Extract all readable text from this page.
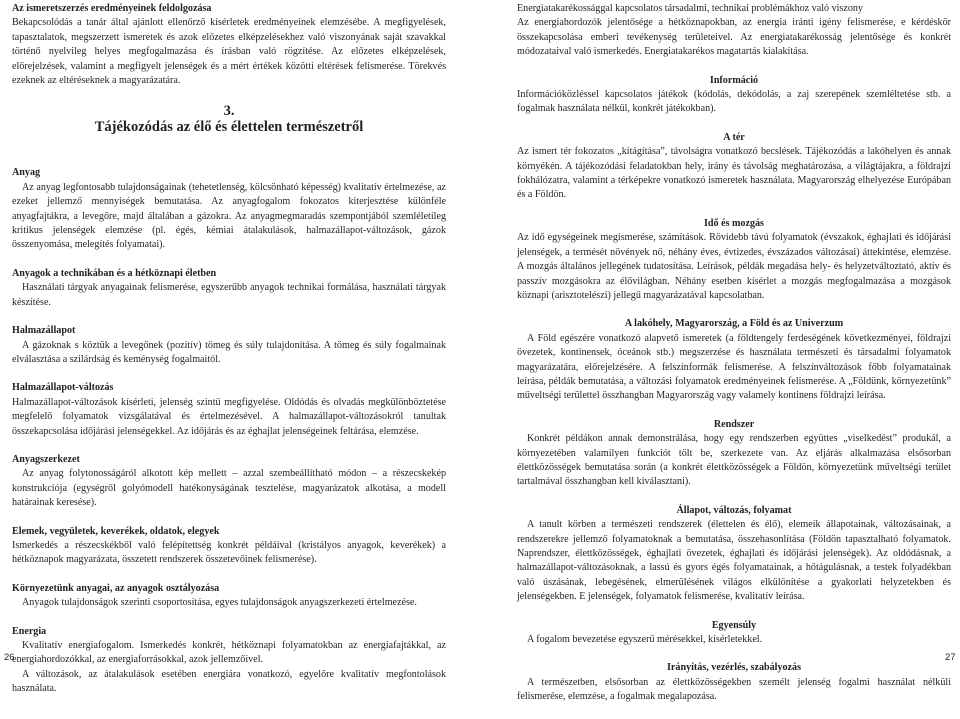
Az ismeretszerzés eredményeinek feldolgozása

Bekapcsolódás a tanár által ajánlott ellenőrző kísérletek eredményeinek elemzésébe. A megfigyelések, tapasztalatok, megszerzett ismeretek és azok előzetes elképzelésekhez való viszonyának saját szavakkal történő nyelvileg helyes megfogalmazása és írásban való rögzítése. Az előzetes elképzelések, előrejelzések, valamint a megfigyelt jelenségek és a mért értékek közötti eltérések felismerése. Törekvés ezeknek az eltéréseknek a magyarázatára.

3.
Tájékozódás az élő és élettelen természetről
Anyag

Az anyag legfontosabb tulajdonságainak (tehetetlenség, kölcsönható képesség) kvalitatív értelmezése, az ezeket jellemző mennyiségek bemutatása. Az anyagfogalom fokozatos kiterjesztése különféle anyagfajtákra, a levegőre, majd általában a gázokra. Az anyagmegmaradás szempontjából szemléletileg kritikus jelenségek elemzése (pl. égés, kémiai átalakulások, halmazállapot-változások, gázok összenyomása, melegítés folyamatai).

Anyagok a technikában és a hétköznapi életben

Használati tárgyak anyagainak felismerése, egyszerűbb anyagok technikai formálása, használati tárgyak készítése.

Halmazállapot

A gázoknak s köztük a levegőnek (pozitív) tömeg és súly tulajdonítása. A tömeg és súly fogalmainak elválasztása a szilárdság és keménység fogalmaitól.

Halmazállapot-változás

Halmazállapot-változások kísérleti, jelenség szintű megfigyelése. Oldódás és olvadás megkülönböztetése megfelelő folyamatok vizsgálatával és értelmezésével. A halmazállapot-változásokról tanultak összekapcsolása időjárási jelenségekkel. Az időjárás és az éghajlat jelenségeinek feltárása, elemzése.

Anyagszerkezet

Az anyag folytonosságáról alkotott kép mellett – azzal szembeállítható módon – a részecskekép konstrukciója (egységről golyómodell hatékonyságának tesztelése, magyarázatok alkotása, a modell határainak keresése).

Elemek, vegyületek, keverékek, oldatok, elegyek

Ismerkedés a részecskékből való felépítettség konkrét példáival (kristályos anyagok, keverékek) a hétköznapok magyarázata, összetett rendszerek összetevőinek felismerése).

Környezetünk anyagai, az anyagok osztályozása

Anyagok tulajdonságok szerinti csoportosítása, egyes tulajdonságok anyagszerkezeti értelmezése.

Energia

Kvalitatív energiafogalom. Ismerkedés konkrét, hétköznapi folyamatokban az energiafajtákkal, az energiahordozókkal, az energiaforrásokkal, azok jellemzőivel.

A változások, az átalakulások esetében energiára vonatkozó, egyelőre kvalitatív megfontolások használata.

Energiatakarékossággal kapcsolatos társadalmi, technikai problémákhoz való viszony
Az energiahordozók jelentősége a hétköznapokban, az energia iránti igény felismerése, e kérdéskör összekapcsolása emberi tevékenység területeivel. Az energiatakarékosság jelentősége és konkrét módozataival való ismerkedés. Energiatakarékos magatartás kialakítása.

Információ

Információközléssel kapcsolatos játékok (kódolás, dekódolás, a zaj szerepének szemléltetése stb. a fogalmak használata nélkül, konkrét játékokban).

A tér

Az ismert tér fokozatos „kitágítása”, távolságra vonatkozó becslések. Tájékozódás a lakóhelyen és annak környékén. A tájékozódási feladatokban hely, irány és távolság meghatározása, a világtájakra, a földrajzi fokhálózatra, valamint a térképekre vonatkozó ismeretek használata. Magyarország elhelyezése Európában és a Földön.

Idő és mozgás

Az idő egységeinek megismerése, számítások. Rövidebb távú folyamatok (évszakok, éghajlati és időjárási jelenségek, a termését növények nő, néhány éves, évtizedes, évszázados változásai) áttekintése, elemzése. A mozgás általános jellegének tudatosítása. Leírások, példák megadása hely- és helyzetváltoztató, aktív és passzív mozgásokra az élővilágban. Néhány esetben kísérlet a mozgás megfogalmazása a mozgások köznapi (arisztotelészi) jellegű magyarázatával kapcsolatban.

A lakóhely, Magyarország, a Föld és az Univerzum

A Föld egészére vonatkozó alapvető ismeretek (a földtengely ferdeségének következményei, földrajzi övezetek, kontinensek, óceánok stb.) megszerzése és használata természeti és társadalmi folyamatok magyarázatára, előrejelzésére. A felszínformák felismerése. A felszínváltozások főbb folyamatainak leírása, példák bemutatása, a változási folyamatok eredményeinek felismerése. A „Földünk, környezetünk” műveltségi területtel összhangban Magyarország vagy valamely kontinens földrajzi leírása.

Rendszer

Konkrét példákon annak demonstrálása, hogy egy rendszerben együttes „viselkedést” produkál, a környezetében valamilyen funkciót tölt be, szerkezete van. Az eljárás alkalmazása elsősorban élettközösségek bemutatása során (a konkrét élettközösségek a Földön, környezetünk műveltségi terület tartalmával összhangban kell kiválasztani).

Állapot, változás, folyamat

A tanult körben a természeti rendszerek (élettelen és élő), elemeik állapotainak, változásainak, a rendszerekre jellemző folyamatoknak a bemutatása, összehasonlítása (Földön tapasztalható folyamatok. Naprendszer, élettközösségek, éghajlati övezetek, éghajlati és időjárási jelenségek). Az oldódásnak, a halmazállapot-változásoknak, a lassú és gyors égés folyamatainak, a hőtágulásnak, a testek folyadékban való úszásának, lebegésének, elmerülésének világos elkülönítése a gyakorlati helyzetekben és jelenségekben. E jelenségek, folyamatok felismerése, kvalitatív leírása.

Egyensúly

A fogalom bevezetése egyszerű mérésekkel, kísérletekkel.

Irányítás, vezérlés, szabályozás

A természetben, elsősorban az élettközösségekben személt jelenség fogalmi használat nélküli felismerése, elemzése, a fogalmak megalapozása.

26	27
